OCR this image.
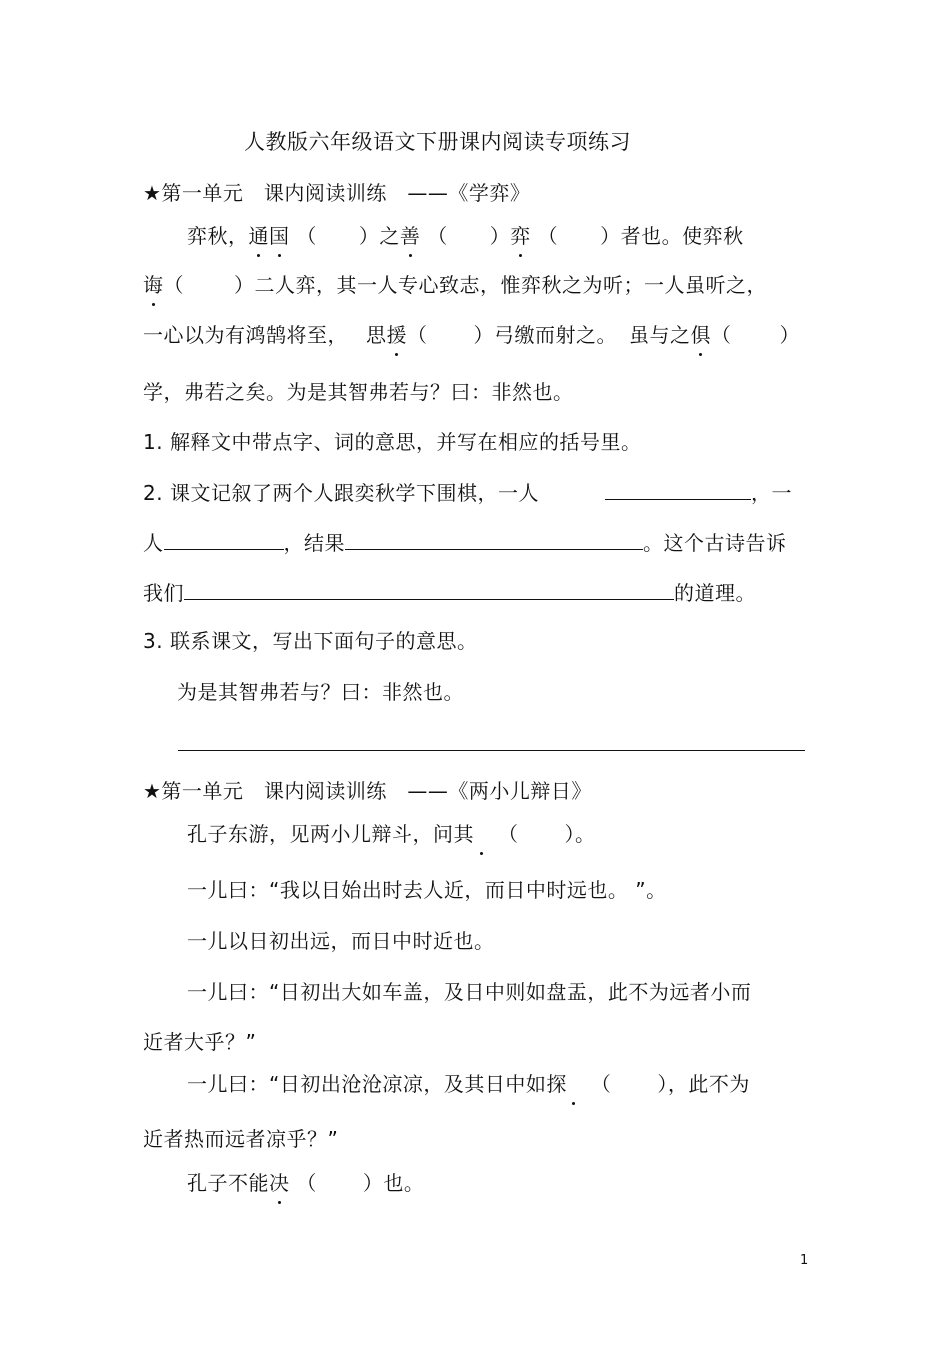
人教版六年级语文下册课内阅读专项练习
★第一单元　课内阅读训练　——《学弈》
弈秋，通国 （ ）之善 （ ）弈 （ ）者也。使弈秋
诲（	）二人弈，其一人专心致志，惟弈秋之为听；一人虽听之，
一心以为有鸿鹄将至， 思援（ ）弓缴而射之。 虽与之俱（ ）
学，弗若之矣。为是其智弗若与？曰：非然也。
1. 解释文中带点字、词的意思，并写在相应的括号里。
2. 课文记叙了两个人跟奕秋学下围棋，一人	，一
人	，结果	。这个古诗告诉
我们	的道理。
3. 联系课文，写出下面句子的意思。
为是其智弗若与？曰：非然也。
★第一单元　课内阅读训练　——《两小儿辩日》
孔子东游，见两小儿辩斗，问其 （ ）。
一儿曰：“我以日始出时去人近，而日中时远也。 ”。
一儿以日初出远，而日中时近也。
一儿曰：“日初出大如车盖，及日中则如盘盂，此不为远者小而
近者大乎？”
一儿曰：“日初出沧沧凉凉，及其日中如探 （ ），此不为
近者热而远者凉乎？”
孔子不能决 （ ）也。
1
